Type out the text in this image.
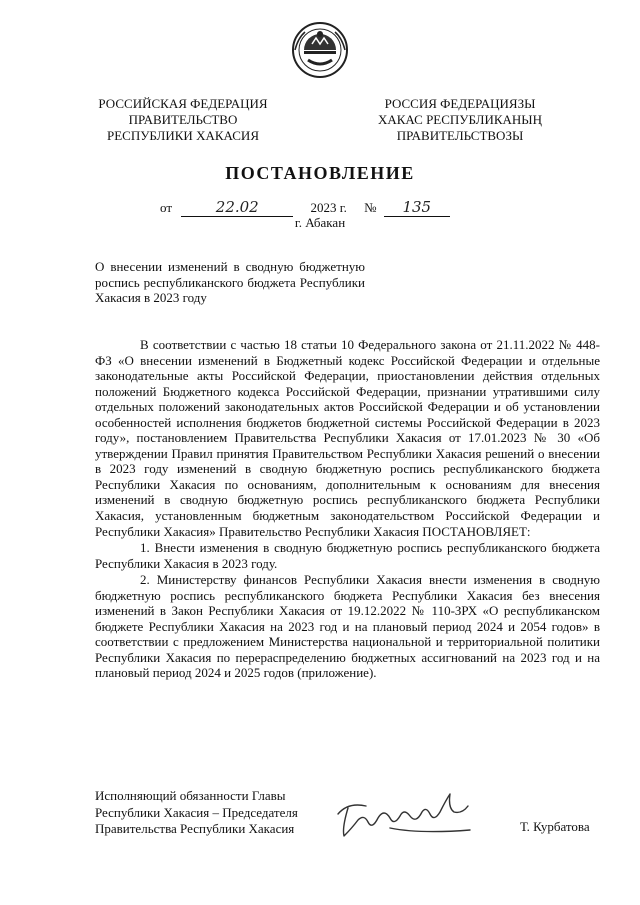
РОССИЙСКАЯ ФЕДЕРАЦИЯ
ПРАВИТЕЛЬСТВО
РЕСПУБЛИКИ ХАКАСИЯ
РОССИЯ ФЕДЕРАЦИЯЗЫ
ХАКАС РЕСПУБЛИКАНЫҢ
ПРАВИТЕЛЬСТВОЗЫ
ПОСТАНОВЛЕНИЕ
от	22.02	2023 г. № 135
г. Абакан
О внесении изменений в сводную бюджетную роспись республиканского бюджета Республики Хакасия в 2023 году

В соответствии с частью 18 статьи 10 Федерального закона от 21.11.2022 № 448-ФЗ «О внесении изменений в Бюджетный кодекс Российской Федерации и отдельные законодательные акты Российской Федерации, приостановлении действия отдельных положений Бюджетного кодекса Российской Федерации, признании утратившими силу отдельных положений законодательных актов Российской Федерации и об установлении особенностей исполнения бюджетов бюджетной системы Российской Федерации в 2023 году», постановлением Правительства Республики Хакасия от 17.01.2023 № 30 «Об утверждении Правил принятия Правительством Республики Хакасия решений о внесении в 2023 году изменений в сводную бюджетную роспись республиканского бюджета Республики Хакасия по основаниям, дополнительным к основаниям для внесения изменений в сводную бюджетную роспись республиканского бюджета Республики Хакасия, установленным бюджетным законодательством Российской Федерации и Республики Хакасия» Правительство Республики Хакасия ПОСТАНОВЛЯЕТ:

1. Внести изменения в сводную бюджетную роспись республиканского бюджета Республики Хакасия в 2023 году.

2. Министерству финансов Республики Хакасия внести изменения в сводную бюджетную роспись республиканского бюджета Республики Хакасия без внесения изменений в Закон Республики Хакасия от 19.12.2022 № 110-ЗРХ «О республиканском бюджете Республики Хакасия на 2023 год и на плановый период 2024 и 2054 годов» в соответствии с предложением Министерства национальной и территориальной политики Республики Хакасия по перераспределению бюджетных ассигнований на 2023 год и на плановый период 2024 и 2025 годов (приложение).

Исполняющий обязанности Главы
Республики Хакасия – Председателя
Правительства Республики Хакасия	Т. Курбатова
